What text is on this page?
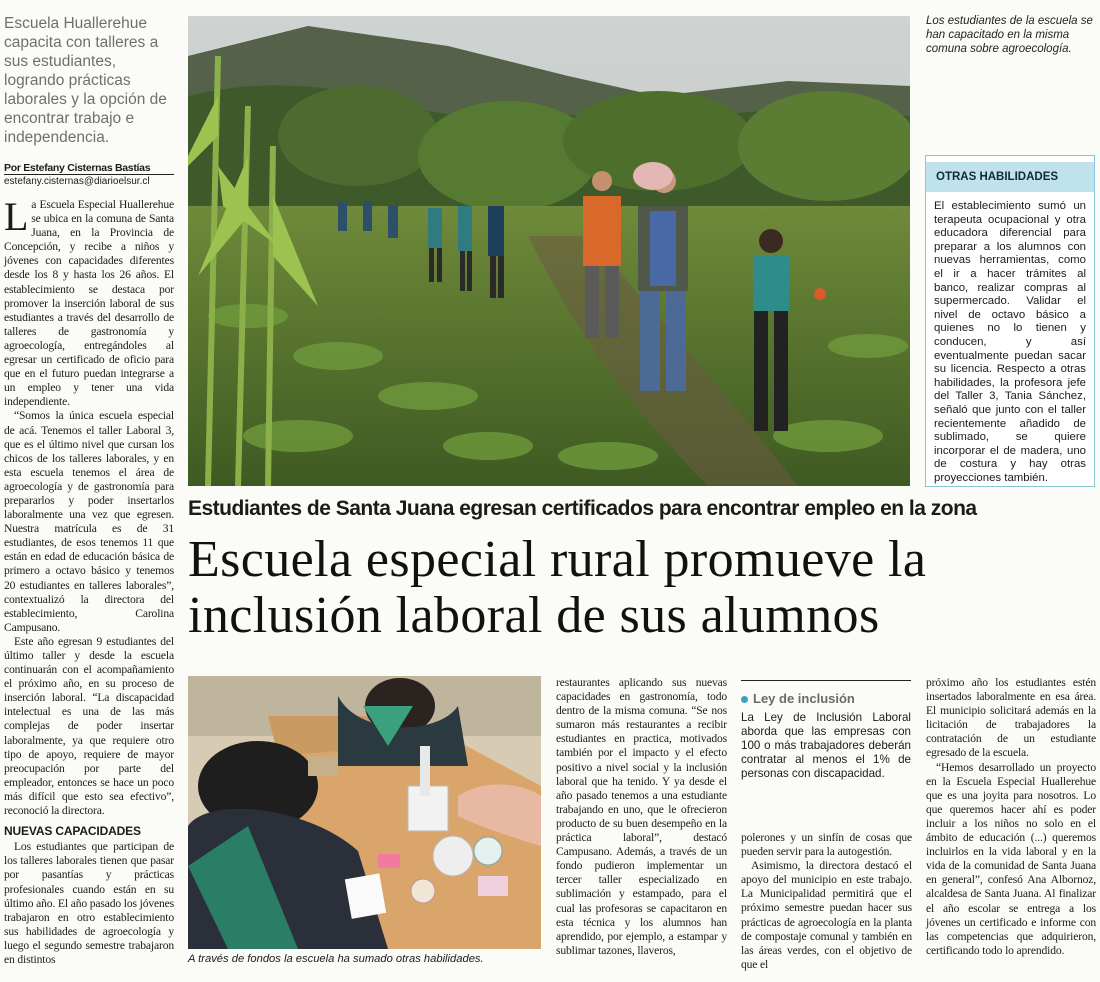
Escuela Huallerehue capacita con talleres a sus estudiantes, logrando prácticas laborales y la opción de encontrar trabajo e independencia.
Por Estefany Cisternas Bastías
estefany.cisternas@diarioelsur.cl

La Escuela Especial Huallerehue se ubica en la comuna de Santa Juana, en la Provincia de Concepción, y recibe a niños y jóvenes con capacidades diferentes desde los 8 y hasta los 26 años. El establecimiento se destaca por promover la inserción laboral de sus estudiantes a través del desarrollo de talleres de gastronomía y agroecología, entregándoles al egresar un certificado de oficio para que en el futuro puedan integrarse a un empleo y tener una vida independiente.

“Somos la única escuela especial de acá. Tenemos el taller Laboral 3, que es el último nivel que cursan los chicos de los talleres laborales, y en esta escuela tenemos el área de agroecología y de gastronomía para prepararlos y poder insertarlos laboralmente una vez que egresen. Nuestra matrícula es de 31 estudiantes, de esos tenemos 11 que están en edad de educación básica de primero a octavo básico y tenemos 20 estudiantes en talleres laborales”, contextualizó la directora del establecimiento, Carolina Campusano.

Este año egresan 9 estudiantes del último taller y desde la escuela continuarán con el acompañamiento el próximo año, en su proceso de inserción laboral. “La discapacidad intelectual es una de las más complejas de poder insertar laboralmente, ya que requiere otro tipo de apoyo, requiere de mayor preocupación por parte del empleador, entonces se hace un poco más difícil que esto sea efectivo”, reconoció la directora.

NUEVAS CAPACIDADES

Los estudiantes que participan de los talleres laborales tienen que pasar por pasantías y prácticas profesionales cuando están en su último año. El año pasado los jóvenes trabajaron en otro establecimiento sus habilidades de agroecología y luego el segundo semestre trabajaron en distintos

Los estudiantes de la escuela se han capacitado en la misma comuna sobre agroecología.
OTRAS HABILIDADES
El establecimiento sumó un terapeuta ocupacional y otra educadora diferencial para preparar a los alumnos con nuevas herramientas, como el ir a hacer trámites al banco, realizar compras al supermercado. Validar el nivel de octavo básico a quienes no lo tienen y conducen, y así eventualmente puedan sacar su licencia. Respecto a otras habilidades, la profesora jefe del Taller 3, Tania Sánchez, señaló que junto con el taller recientemente añadido de sublimado, se quiere incorporar el de madera, uno de costura y hay otras proyecciones también.
Estudiantes de Santa Juana egresan certificados para encontrar empleo en la zona
Escuela especial rural promueve la inclusión laboral de sus alumnos
A través de fondos la escuela ha sumado otras habilidades.

restaurantes aplicando sus nuevas capacidades en gastronomía, todo dentro de la misma comuna. “Se nos sumaron más restaurantes a recibir estudiantes en practica, motivados también por el impacto y el efecto positivo a nivel social y la inclusión laboral que ha tenido. Y ya desde el año pasado tenemos a una estudiante trabajando en uno, que le ofrecieron producto de su buen desempeño en la práctica laboral”, destacó Campusano. Además, a través de un fondo pudieron implementar un tercer taller especializado en sublimación y estampado, para el cual las profesoras se capacitaron en esta técnica y los alumnos han aprendido, por ejemplo, a estampar y sublimar tazones, llaveros,

Ley de inclusión
La Ley de Inclusión Laboral aborda que las empresas con 100 o más trabajadores deberán contratar al menos el 1% de personas con discapacidad.

polerones y un sinfín de cosas que pueden servir para la autogestión.

Asimismo, la directora destacó el apoyo del municipio en este trabajo. La Municipalidad permitirá que el próximo semestre puedan hacer sus prácticas de agroecología en la planta de compostaje comunal y también en las áreas verdes, con el objetivo de que el

próximo año los estudiantes estén insertados laboralmente en esa área. El municipio solicitará además en la licitación de trabajadores la contratación de un estudiante egresado de la escuela.

“Hemos desarrollado un proyecto en la Escuela Especial Huallerehue que es una joyita para nosotros. Lo que queremos hacer ahí es poder incluir a los niños no solo en el ámbito de educación (...) queremos incluirlos en la vida laboral y en la vida de la comunidad de Santa Juana en general”, confesó Ana Albornoz, alcaldesa de Santa Juana. Al finalizar el año escolar se entrega a los jóvenes un certificado e informe con las competencias que adquirieron, certificando todo lo aprendido.
